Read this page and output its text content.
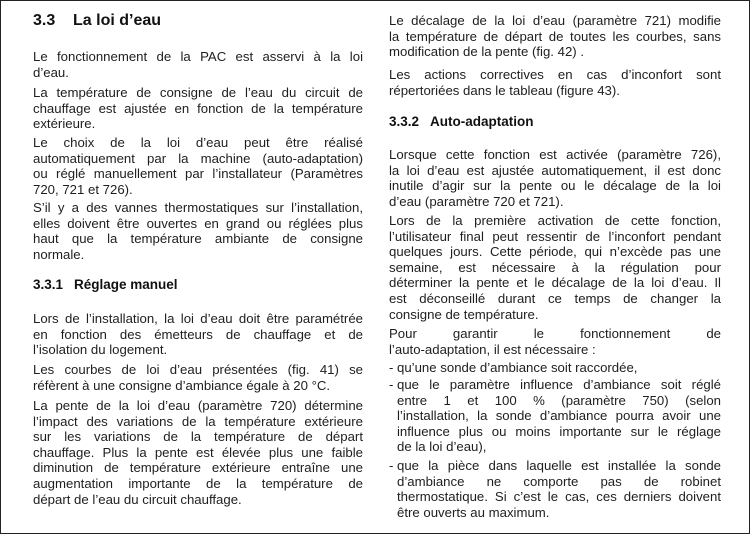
3.3 La loi d’eau
Le fonctionnement de la PAC est asservi à la loi
d’eau.
La température de consigne de l’eau du circuit de
chauffage est ajustée en fonction de la température
extérieure.
Le choix de la loi d’eau peut être réalisé
automatiquement par la machine (auto-adaptation)
ou réglé manuellement par l’installateur (Paramètres
720, 721 et 726).
S’il y a des vannes thermostatiques sur l’installation,
elles doivent être ouvertes en grand ou réglées plus
haut que la température ambiante de consigne
normale.
3.3.1 Réglage manuel
Lors de l’installation, la loi d’eau doit être paramétrée
en fonction des émetteurs de chauffage et de
l’isolation du logement.
Les courbes de loi d’eau présentées (fig. 41) se
réfèrent à une consigne d’ambiance égale à 20 °C.
La pente de la loi d’eau (paramètre 720) détermine
l’impact des variations de la température extérieure
sur les variations de la température de départ
chauffage. Plus la pente est élevée plus une faible
diminution de température extérieure entraîne une
augmentation importante de la température de
départ de l’eau du circuit chauffage.
Le décalage de la loi d’eau (paramètre 721) modifie
la température de départ de toutes les courbes, sans
modification de la pente (fig. 42) .
Les actions correctives en cas d’inconfort sont
répertoriées dans le tableau (figure 43).
3.3.2 Auto-adaptation
Lorsque cette fonction est activée (paramètre 726),
la loi d’eau est ajustée automatiquement, il est donc
inutile d’agir sur la pente ou le décalage de la loi
d’eau (paramètre 720 et 721).
Lors de la première activation de cette fonction,
l’utilisateur final peut ressentir de l’inconfort pendant
quelques jours. Cette période, qui n’excède pas une
semaine, est nécessaire à la régulation pour
déterminer la pente et le décalage de la loi d’eau. Il
est déconseillé durant ce temps de changer la
consigne de température.
Pour garantir le fonctionnement de
l’auto-adaptation, il est nécessaire :
- qu’une sonde d’ambiance soit raccordée,
- que le paramètre influence d’ambiance soit réglé
entre 1 et 100 % (paramètre 750) (selon
l’installation, la sonde d’ambiance pourra avoir une
influence plus ou moins importante sur le réglage
de la loi d’eau),
- que la pièce dans laquelle est installée la sonde
d’ambiance ne comporte pas de robinet
thermostatique. Si c’est le cas, ces derniers doivent
être ouverts au maximum.
